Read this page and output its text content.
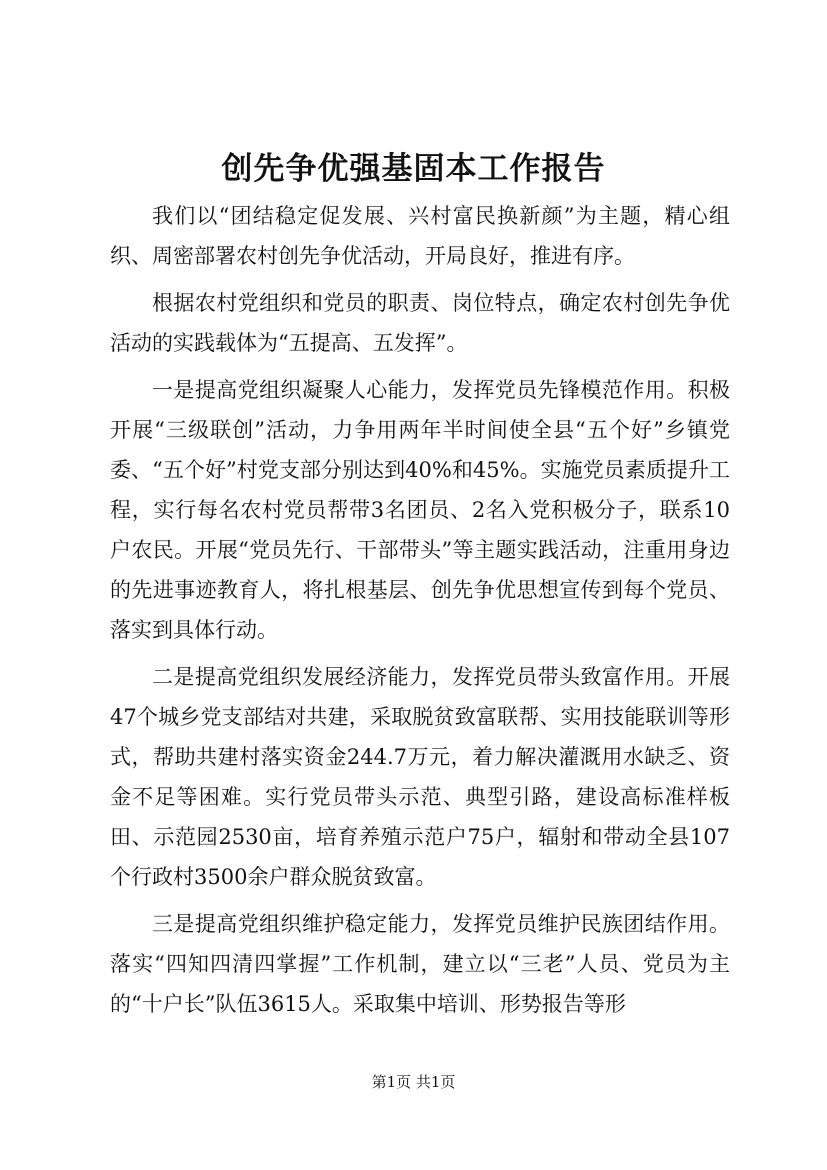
创先争优强基固本工作报告

我们以“团结稳定促发展、兴村富民换新颜”为主题，精心组织、周密部署农村创先争优活动，开局良好，推进有序。

根据农村党组织和党员的职责、岗位特点，确定农村创先争优活动的实践载体为“五提高、五发挥”。

一是提高党组织凝聚人心能力，发挥党员先锋模范作用。积极开展“三级联创”活动，力争用两年半时间使全县“五个好”乡镇党委、“五个好”村党支部分别达到40%和45%。实施党员素质提升工程，实行每名农村党员帮带3名团员、2名入党积极分子，联系10户农民。开展“党员先行、干部带头”等主题实践活动，注重用身边的先进事迹教育人，将扎根基层、创先争优思想宣传到每个党员、落实到具体行动。

二是提高党组织发展经济能力，发挥党员带头致富作用。开展47个城乡党支部结对共建，采取脱贫致富联帮、实用技能联训等形式，帮助共建村落实资金244.7万元，着力解决灌溉用水缺乏、资金不足等困难。实行党员带头示范、典型引路，建设高标准样板田、示范园2530亩，培育养殖示范户75户，辐射和带动全县107个行政村3500余户群众脱贫致富。

三是提高党组织维护稳定能力，发挥党员维护民族团结作用。落实“四知四清四掌握”工作机制，建立以“三老”人员、党员为主的“十户长”队伍3615人。采取集中培训、形势报告等形

第1页 共1页
